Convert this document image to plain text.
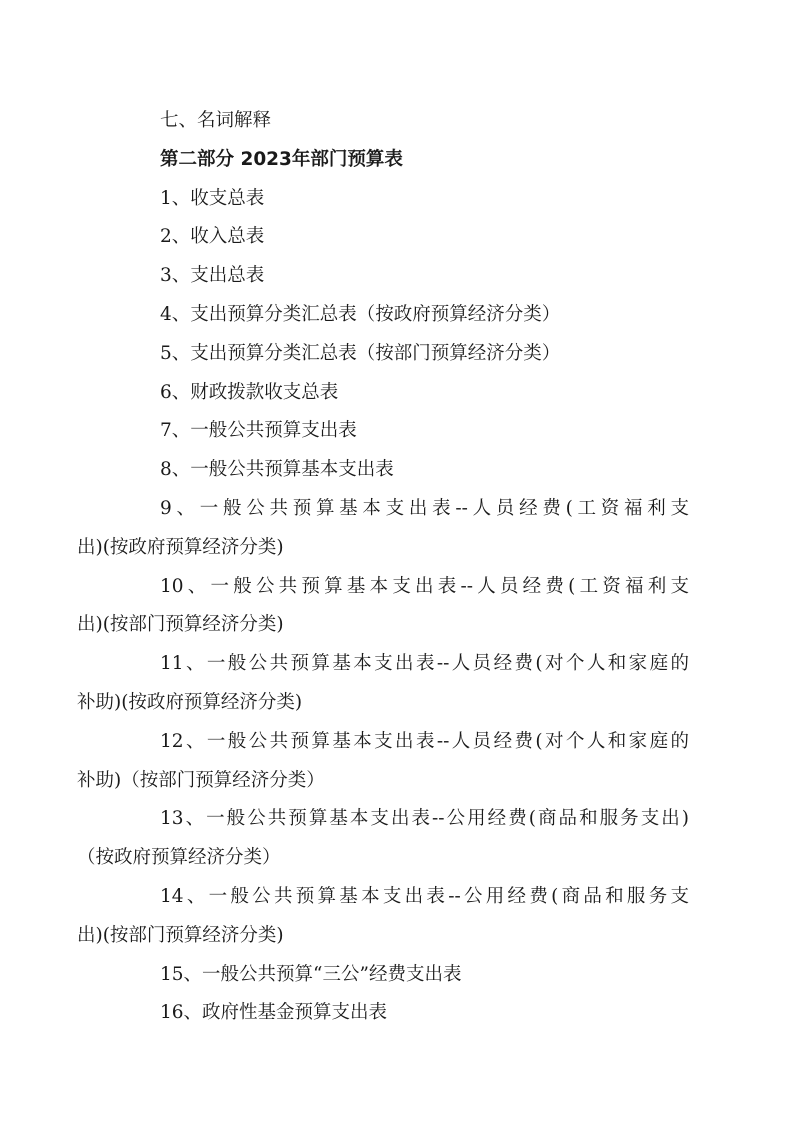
七、名词解释
第二部分 2023年部门预算表
1、收支总表
2、收入总表
3、支出总表
4、支出预算分类汇总表（按政府预算经济分类）
5、支出预算分类汇总表（按部门预算经济分类）
6、财政拨款收支总表
7、一般公共预算支出表
8、一般公共预算基本支出表
9、一般公共预算基本支出表--人员经费(工资福利支
出)(按政府预算经济分类)
10、一般公共预算基本支出表--人员经费(工资福利支
出)(按部门预算经济分类)
11、一般公共预算基本支出表--人员经费(对个人和家庭的
补助)(按政府预算经济分类)
12、一般公共预算基本支出表--人员经费(对个人和家庭的
补助)（按部门预算经济分类）
13、一般公共预算基本支出表--公用经费(商品和服务支出)
（按政府预算经济分类）
14、一般公共预算基本支出表--公用经费(商品和服务支
出)(按部门预算经济分类)
15、一般公共预算“三公”经费支出表
16、政府性基金预算支出表
